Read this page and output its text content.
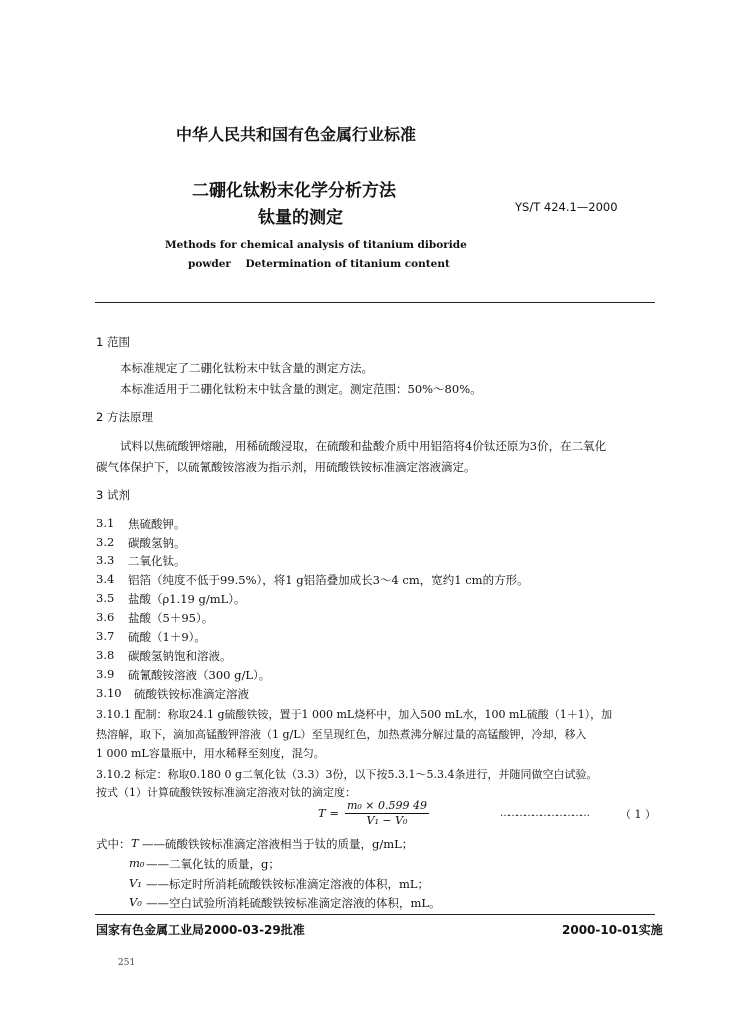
中华人民共和国有色金属行业标准
二硼化钛粉末化学分析方法
钛量的测定
YS/T 424.1—2000
Methods for chemical analysis of titanium diboride
powder    Determination of titanium content
1 范围
本标准规定了二硼化钛粉末中钛含量的测定方法。
本标准适用于二硼化钛粉末中钛含量的测定。测定范围：50%～80%。
2 方法原理
试料以焦硫酸钾熔融，用稀硫酸浸取，在硫酸和盐酸介质中用铝箔将4价钛还原为3价，在二氧化
碳气体保护下，以硫氰酸铵溶液为指示剂，用硫酸铁铵标准滴定溶液滴定。
3 试剂
3.1 焦硫酸钾。
3.2 碳酸氢钠。
3.3 二氧化钛。
3.4 铝箔（纯度不低于99.5%），将1 g铝箔叠加成长3～4 cm，宽约1 cm的方形。
3.5 盐酸（ρ1.19 g/mL）。
3.6 盐酸（5＋95）。
3.7 硫酸（1＋9）。
3.8 碳酸氢钠饱和溶液。
3.9 硫氰酸铵溶液（300 g/L）。
3.10 硫酸铁铵标准滴定溶液
3.10.1 配制：称取24.1 g硫酸铁铵，置于1 000 mL烧杯中，加入500 mL水，100 mL硫酸（1＋1），加
热溶解，取下，滴加高锰酸钾溶液（1 g/L）至呈现红色，加热煮沸分解过量的高锰酸钾，冷却，移入
1 000 mL容量瓶中，用水稀释至刻度，混匀。
3.10.2 标定：称取0.180 0 g二氧化钛（3.3）3份，以下按5.3.1～5.3.4条进行，并随同做空白试验。
按式（1）计算硫酸铁铵标准滴定溶液对钛的滴定度：
$T = \frac{\text{m₀ × 0.599 49}}{\text{V₁ − V₀}}$	……………………………	（ 1 ）
式中： T ——硫酸铁铵标准滴定溶液相当于钛的质量，g/mL；
m₀ ——二氧化钛的质量，g；
V₁ ——标定时所消耗硫酸铁铵标准滴定溶液的体积，mL；
V₀ ——空白试验所消耗硫酸铁铵标准滴定溶液的体积，mL。
国家有色金属工业局2000-03-29批准	2000-10-01实施
251
